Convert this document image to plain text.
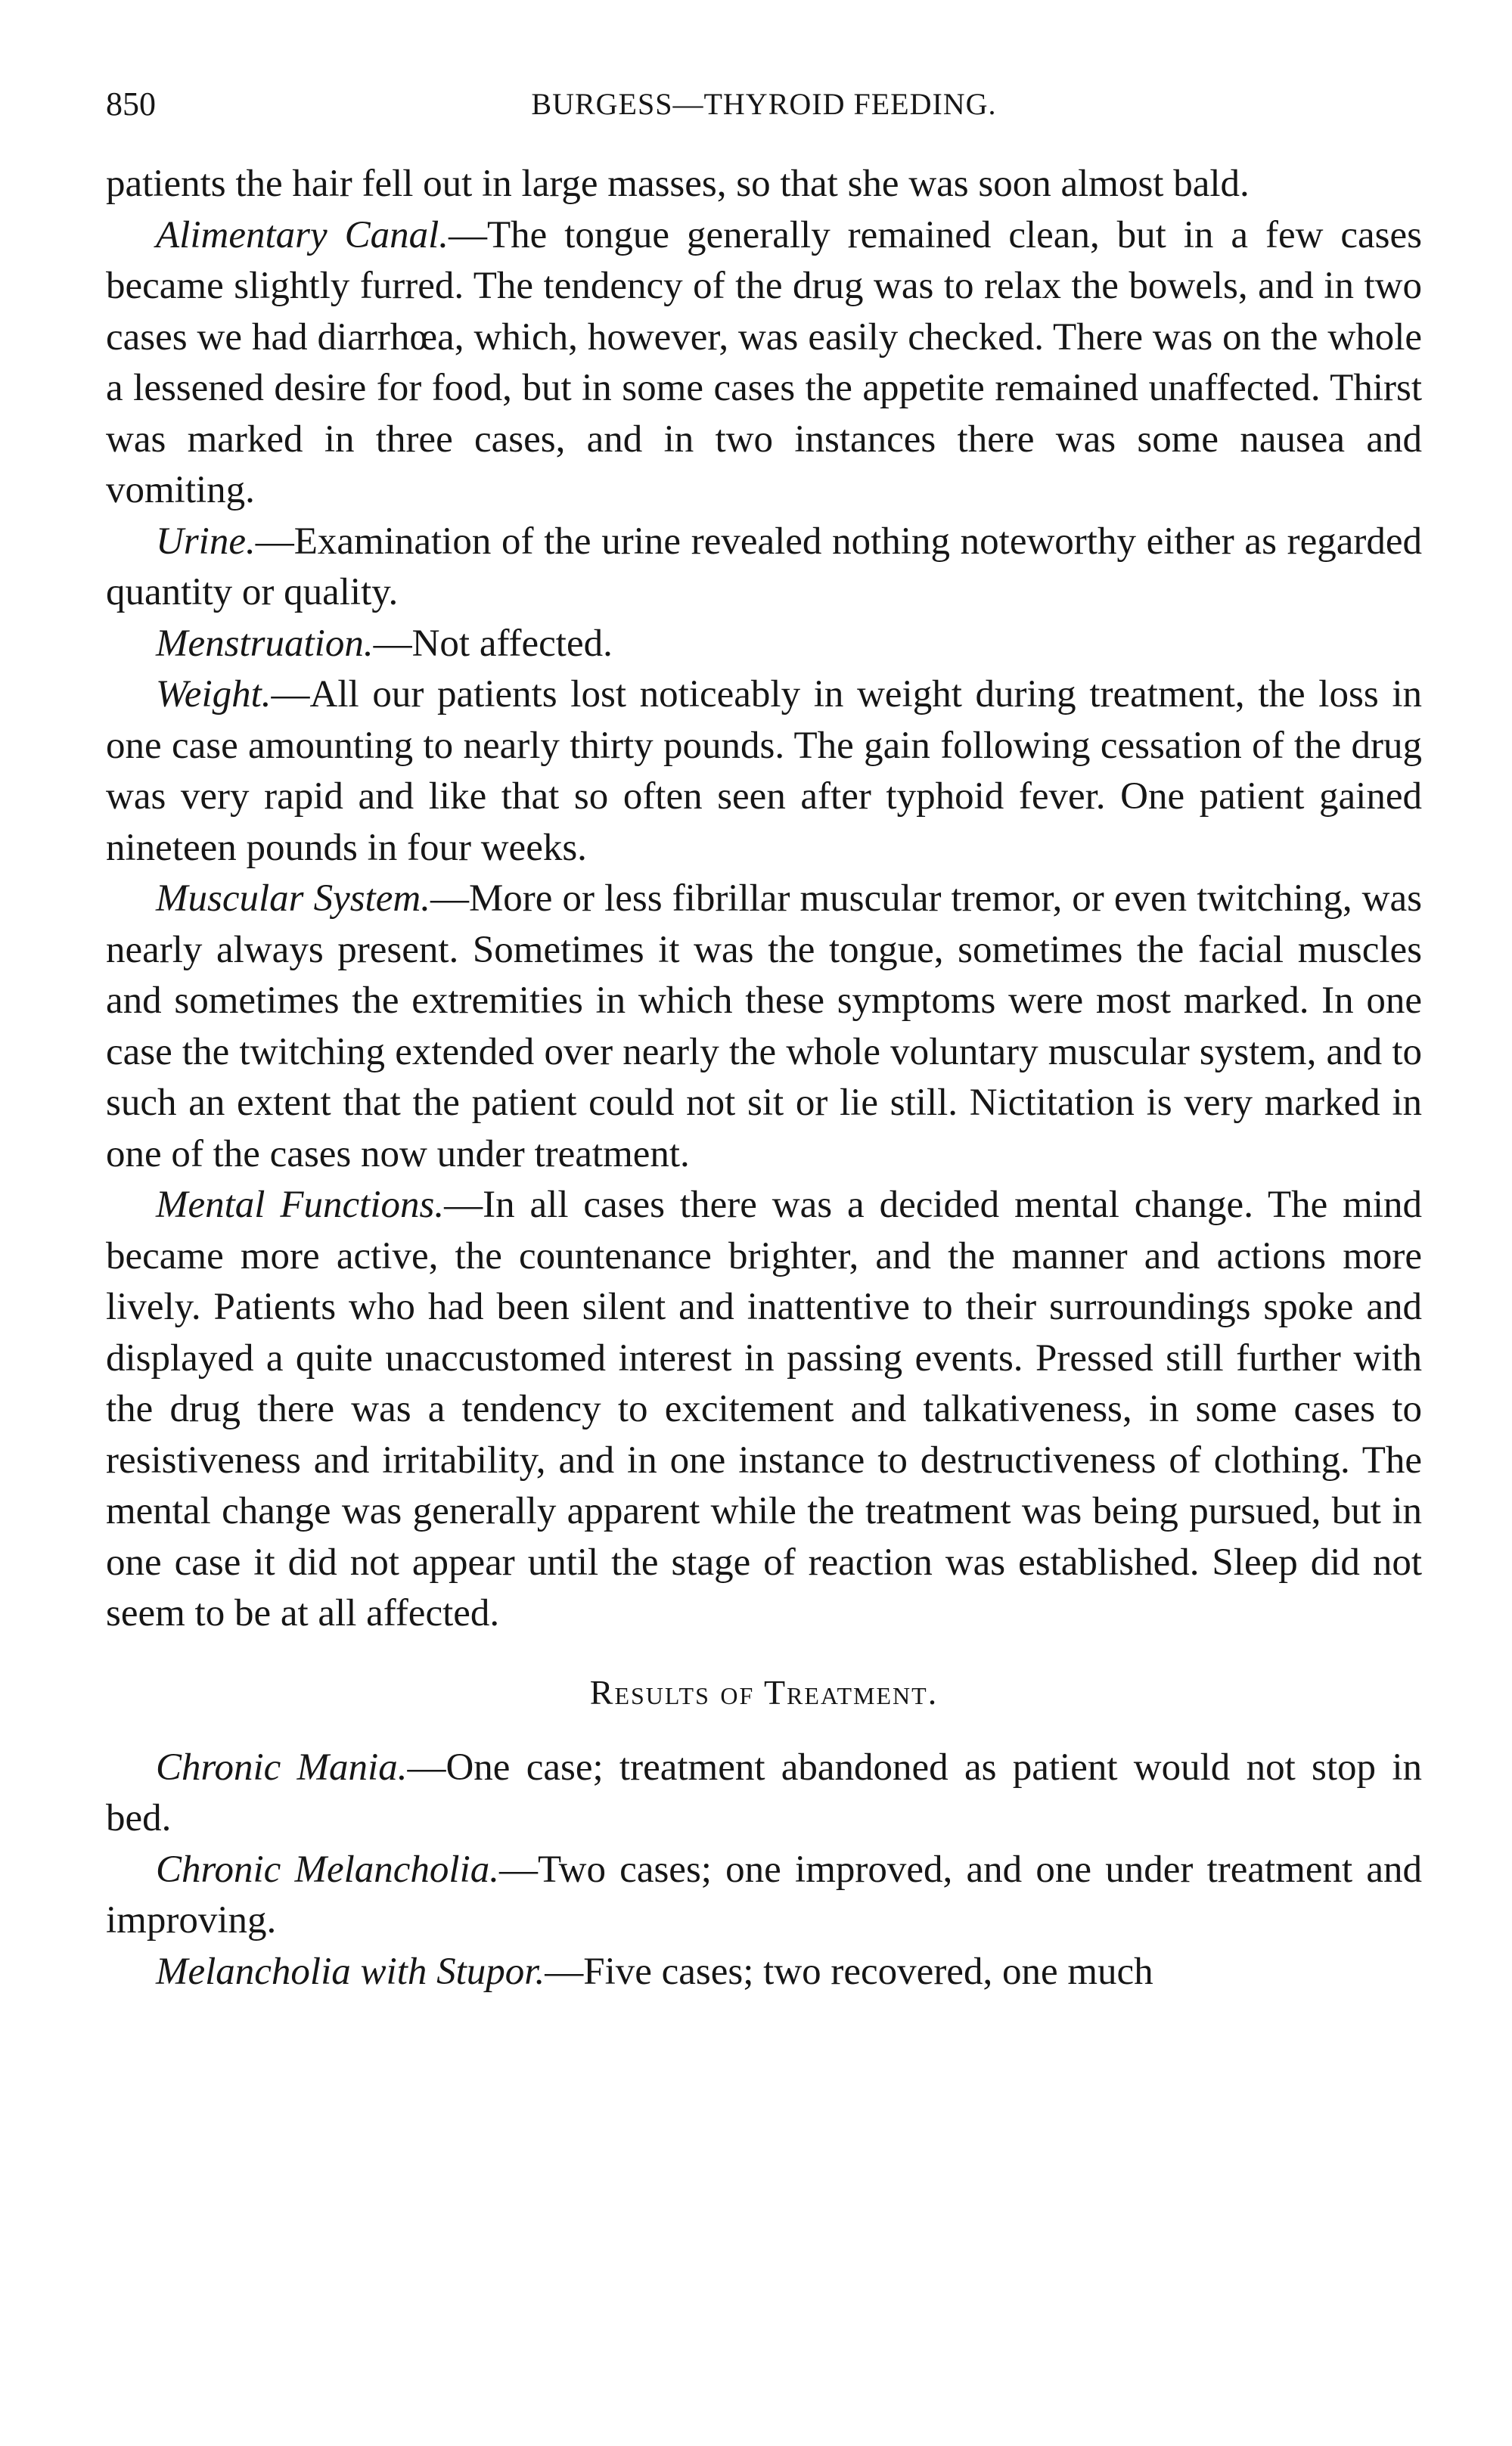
850	BURGESS—THYROID FEEDING.

patients the hair fell out in large masses, so that she was soon almost bald.

Alimentary Canal.—The tongue generally remained clean, but in a few cases became slightly furred. The tendency of the drug was to relax the bowels, and in two cases we had diarrhœa, which, however, was easily checked. There was on the whole a lessened desire for food, but in some cases the appetite remained unaffected. Thirst was marked in three cases, and in two instances there was some nausea and vomiting.

Urine.—Examination of the urine revealed nothing noteworthy either as regarded quantity or quality.

Menstruation.—Not affected.

Weight.—All our patients lost noticeably in weight during treatment, the loss in one case amounting to nearly thirty pounds. The gain following cessation of the drug was very rapid and like that so often seen after typhoid fever. One patient gained nineteen pounds in four weeks.

Muscular System.—More or less fibrillar muscular tremor, or even twitching, was nearly always present. Sometimes it was the tongue, sometimes the facial muscles and sometimes the extremities in which these symptoms were most marked. In one case the twitching extended over nearly the whole voluntary muscular system, and to such an extent that the patient could not sit or lie still. Nictitation is very marked in one of the cases now under treatment.

Mental Functions.—In all cases there was a decided mental change. The mind became more active, the countenance brighter, and the manner and actions more lively. Patients who had been silent and inattentive to their surroundings spoke and displayed a quite unaccustomed interest in passing events. Pressed still further with the drug there was a tendency to excitement and talkativeness, in some cases to resistiveness and irritability, and in one instance to destructiveness of clothing. The mental change was generally apparent while the treatment was being pursued, but in one case it did not appear until the stage of reaction was established. Sleep did not seem to be at all affected.

Results of Treatment.

Chronic Mania.—One case; treatment abandoned as patient would not stop in bed.

Chronic Melancholia.—Two cases; one improved, and one under treatment and improving.

Melancholia with Stupor.—Five cases; two recovered, one much
